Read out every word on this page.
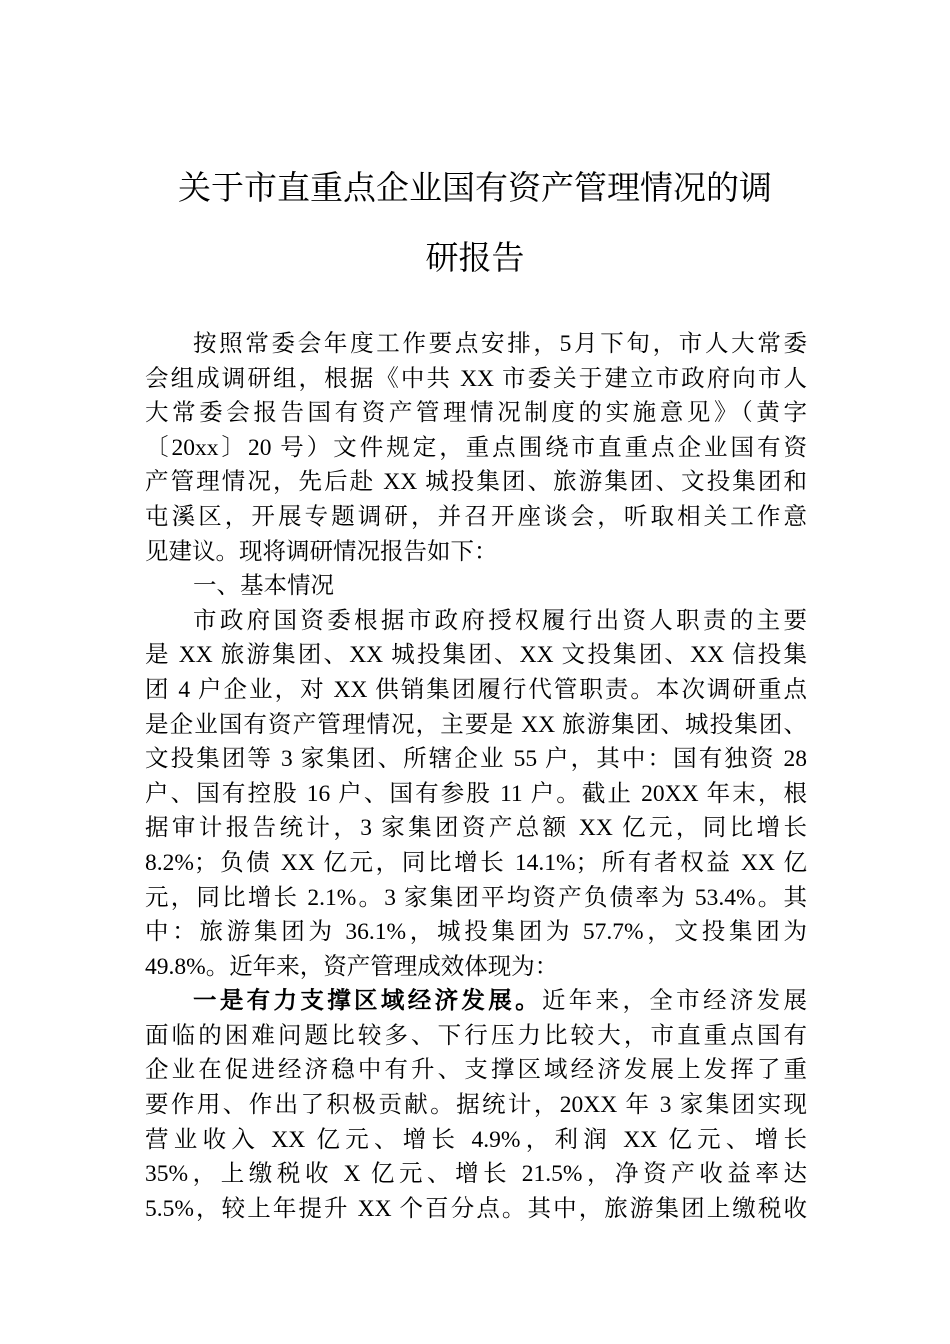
关于市直重点企业国有资产管理情况的调
研报告
按照常委会年度工作要点安排，5月下旬，市人大常委
会组成调研组，根据《中共 XX 市委关于建立市政府向市人
大常委会报告国有资产管理情况制度的实施意见》（黄字
〔20xx〕20 号）文件规定，重点围绕市直重点企业国有资
产管理情况，先后赴 XX 城投集团、旅游集团、文投集团和
屯溪区，开展专题调研，并召开座谈会，听取相关工作意
见建议。现将调研情况报告如下：
一、基本情况
市政府国资委根据市政府授权履行出资人职责的主要
是 XX 旅游集团、XX 城投集团、XX 文投集团、XX 信投集
团 4 户企业，对 XX 供销集团履行代管职责。本次调研重点
是企业国有资产管理情况，主要是 XX 旅游集团、城投集团、
文投集团等 3 家集团、所辖企业 55 户，其中：国有独资 28
户、国有控股 16 户、国有参股 11 户。截止 20XX 年末，根
据审计报告统计，3 家集团资产总额 XX 亿元，同比增长
8.2%；负债 XX 亿元，同比增长 14.1%；所有者权益 XX 亿
元，同比增长 2.1%。3 家集团平均资产负债率为 53.4%。其
中：旅游集团为 36.1%，城投集团为 57.7%，文投集团为
49.8%。近年来，资产管理成效体现为：
一是有力支撑区域经济发展。近年来，全市经济发展
面临的困难问题比较多、下行压力比较大，市直重点国有
企业在促进经济稳中有升、支撑区域经济发展上发挥了重
要作用、作出了积极贡献。据统计，20XX 年 3 家集团实现
营业收入 XX 亿元、增长 4.9%，利润 XX 亿元、增长
35%，上缴税收 X 亿元、增长 21.5%，净资产收益率达
5.5%，较上年提升 XX 个百分点。其中，旅游集团上缴税收
